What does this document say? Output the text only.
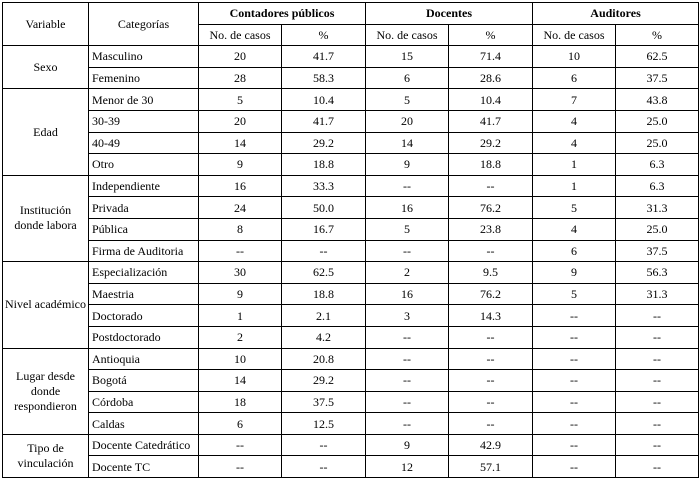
Variable	Categorías	Contadores públicos		Docentes		Auditores	
		No. de casos	%	No. de casos	%	No. de casos	%
Sexo	Masculino	20	41.7	15	71.4	10	62.5
	Femenino	28	58.3	6	28.6	6	37.5
Edad	Menor de 30	5	10.4	5	10.4	7	43.8
	30-39	20	41.7	20	41.7	4	25.0
	40-49	14	29.2	14	29.2	4	25.0
	Otro	9	18.8	9	18.8	1	6.3
Institución donde labora	Independiente	16	33.3	--	--	1	6.3
	Privada	24	50.0	16	76.2	5	31.3
	Pública	8	16.7	5	23.8	4	25.0
	Firma de Auditoria	--	--	--	--	6	37.5
Nivel académico	Especialización	30	62.5	2	9.5	9	56.3
	Maestria	9	18.8	16	76.2	5	31.3
	Doctorado	1	2.1	3	14.3	--	--
	Postdoctorado	2	4.2	--	--	--	--
Lugar desde donde respondieron	Antioquia	10	20.8	--	--	--	--
	Bogotá	14	29.2	--	--	--	--
	Córdoba	18	37.5	--	--	--	--
	Caldas	6	12.5	--	--	--	--
Tipo de vinculación	Docente Catedrático	--	--	9	42.9	--	--
	Docente TC	--	--	12	57.1	--	--
